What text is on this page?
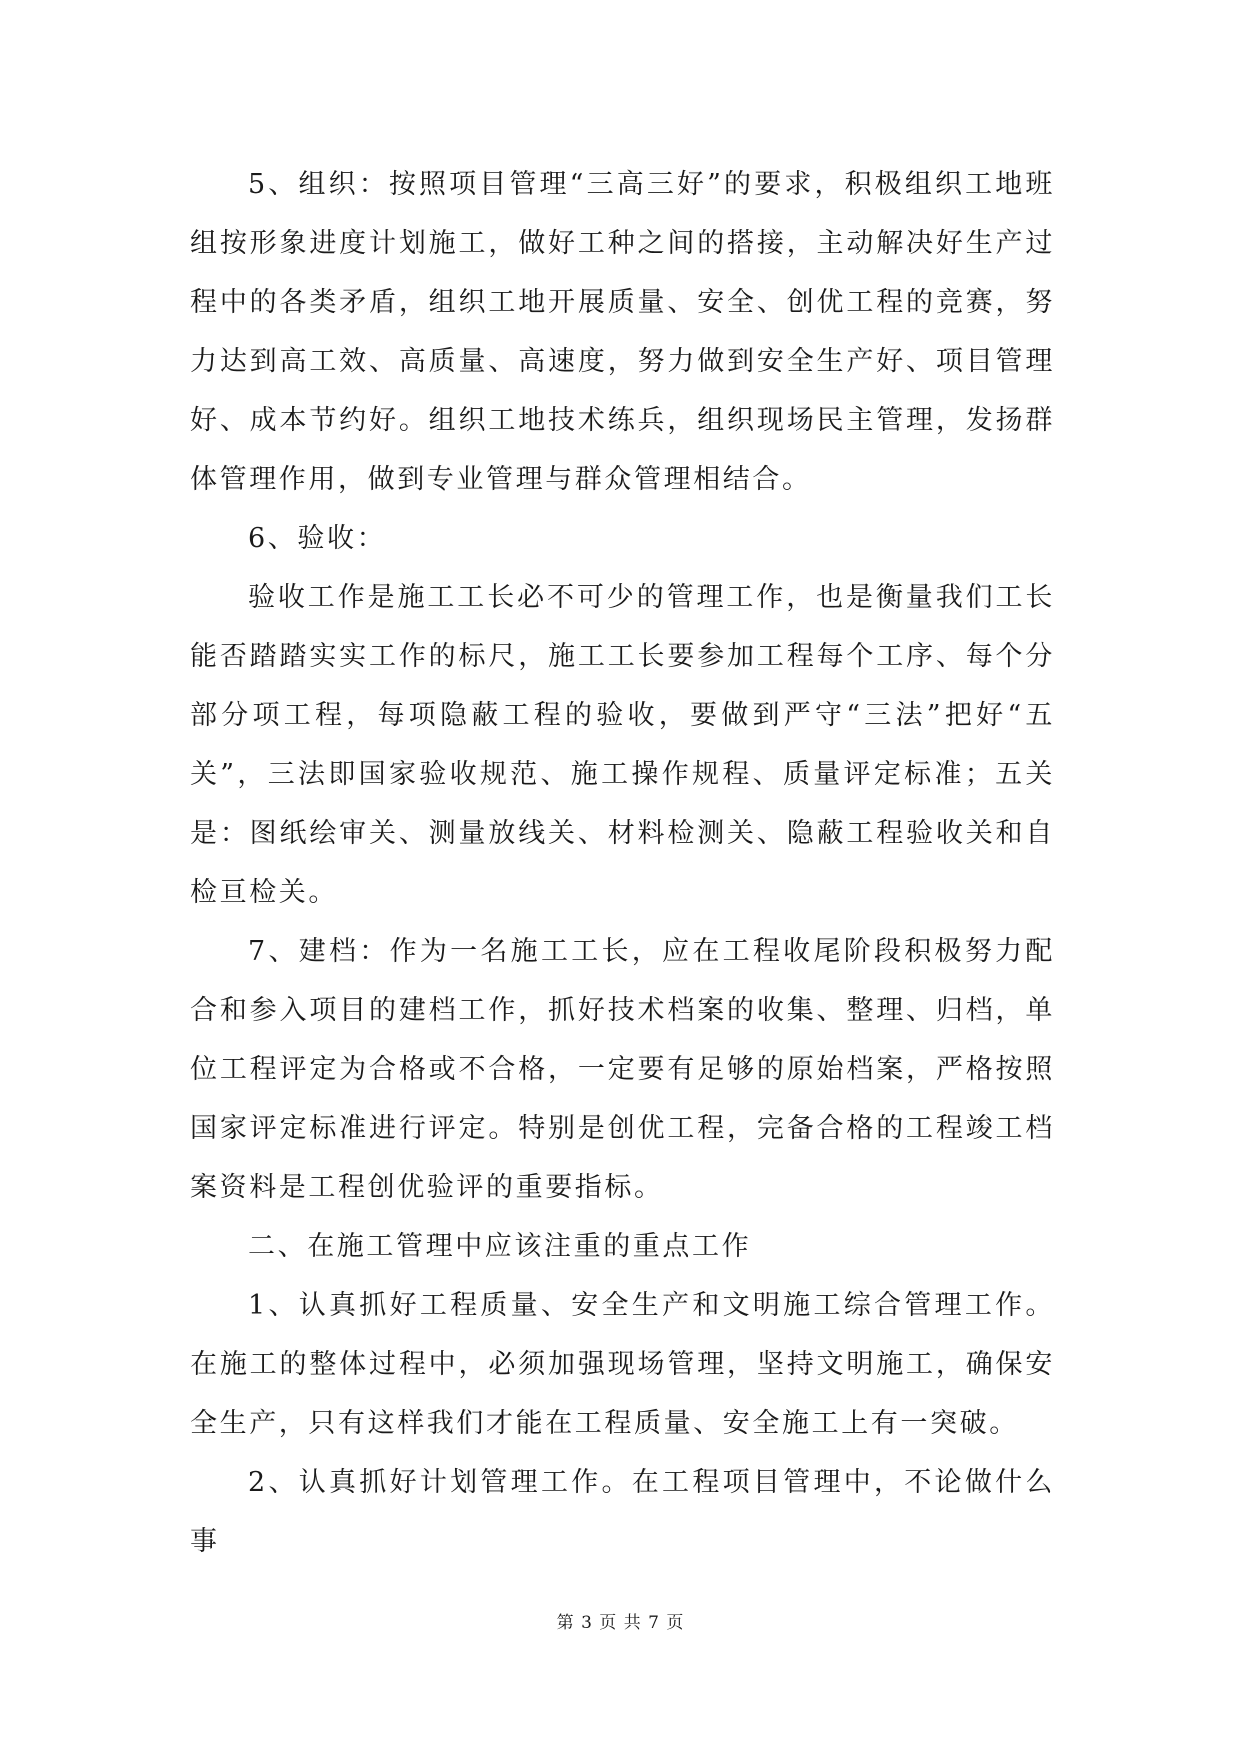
5、组织：按照项目管理“三高三好”的要求，积极组织工地班组按形象进度计划施工，做好工种之间的搭接，主动解决好生产过程中的各类矛盾，组织工地开展质量、安全、创优工程的竞赛，努力达到高工效、高质量、高速度，努力做到安全生产好、项目管理好、成本节约好。组织工地技术练兵，组织现场民主管理，发扬群体管理作用，做到专业管理与群众管理相结合。

6、验收：

验收工作是施工工长必不可少的管理工作，也是衡量我们工长能否踏踏实实工作的标尺，施工工长要参加工程每个工序、每个分部分项工程，每项隐蔽工程的验收，要做到严守“三法”把好“五关”，三法即国家验收规范、施工操作规程、质量评定标准；五关是：图纸绘审关、测量放线关、材料检测关、隐蔽工程验收关和自检亘检关。

7、建档：作为一名施工工长，应在工程收尾阶段积极努力配合和参入项目的建档工作，抓好技术档案的收集、整理、归档，单位工程评定为合格或不合格，一定要有足够的原始档案，严格按照国家评定标准进行评定。特别是创优工程，完备合格的工程竣工档案资料是工程创优验评的重要指标。

二、在施工管理中应该注重的重点工作

1、认真抓好工程质量、安全生产和文明施工综合管理工作。在施工的整体过程中，必须加强现场管理，坚持文明施工，确保安全生产，只有这样我们才能在工程质量、安全施工上有一突破。

2、认真抓好计划管理工作。在工程项目管理中，不论做什么事

第 3 页 共 7 页
